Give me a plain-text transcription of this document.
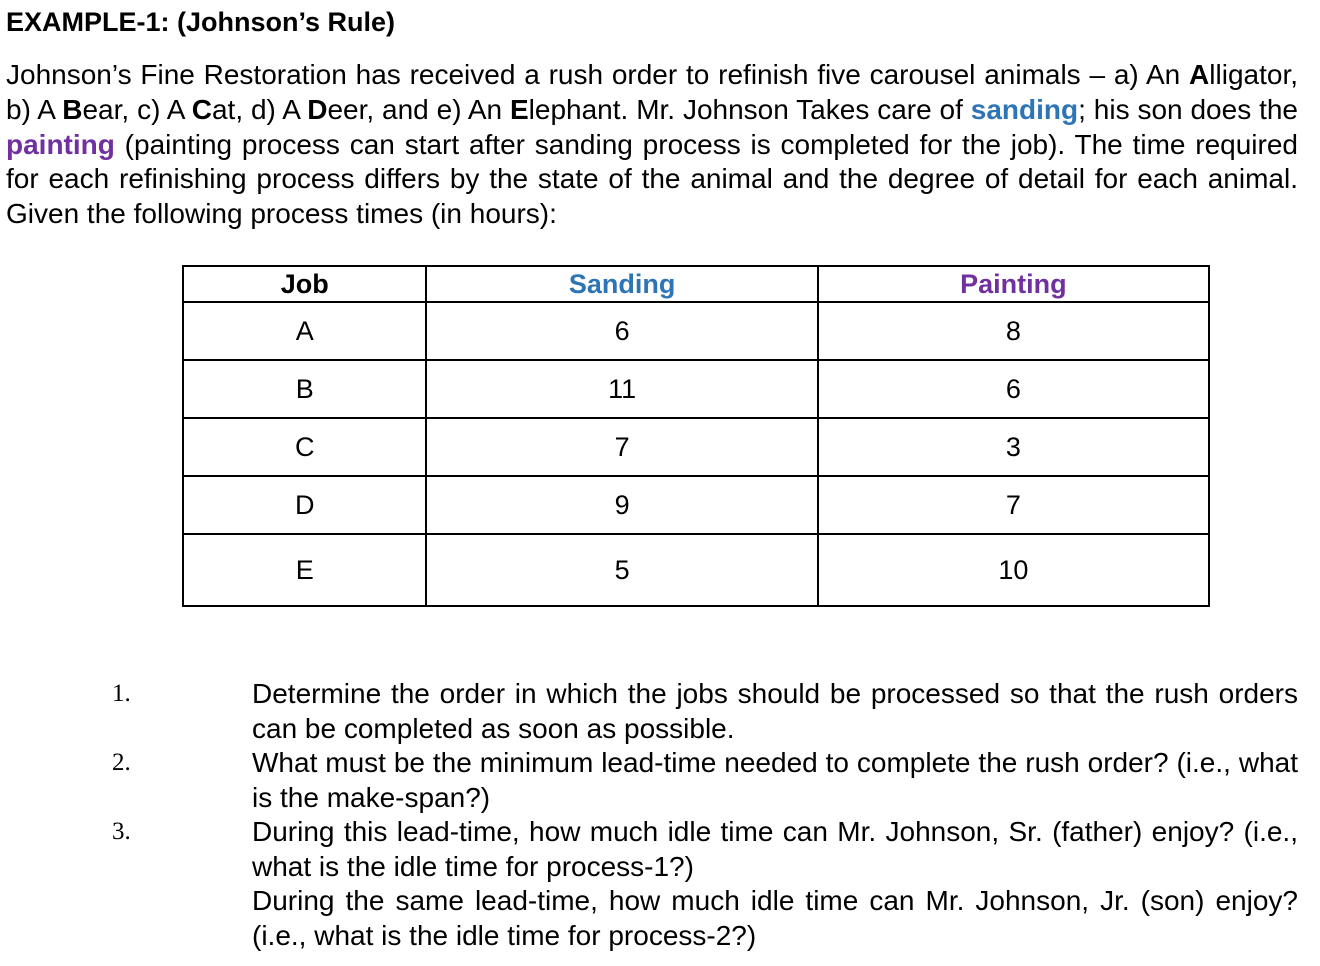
EXAMPLE-1: (Johnson’s Rule)
Johnson’s Fine Restoration has received a rush order to refinish five carousel animals – a) An Alligator, b) A Bear, c) A Cat, d) A Deer, and e) An Elephant. Mr. Johnson Takes care of sanding; his son does the painting (painting process can start after sanding process is completed for the job). The time required for each refinishing process differs by the state of the animal and the degree of detail for each animal. Given the following process times (in hours):
Job	Sanding	Painting
A	6	8
B	11	6
C	7	3
D	9	7
E	5	10
1.	Determine the order in which the jobs should be processed so that the rush orders can be completed as soon as possible.
2.	What must be the minimum lead-time needed to complete the rush order? (i.e., what is the make-span?)
3.	During this lead-time, how much idle time can Mr. Johnson, Sr. (father) enjoy? (i.e., what is the idle time for process-1?)
During the same lead-time, how much idle time can Mr. Johnson, Jr. (son) enjoy? (i.e., what is the idle time for process-2?)
